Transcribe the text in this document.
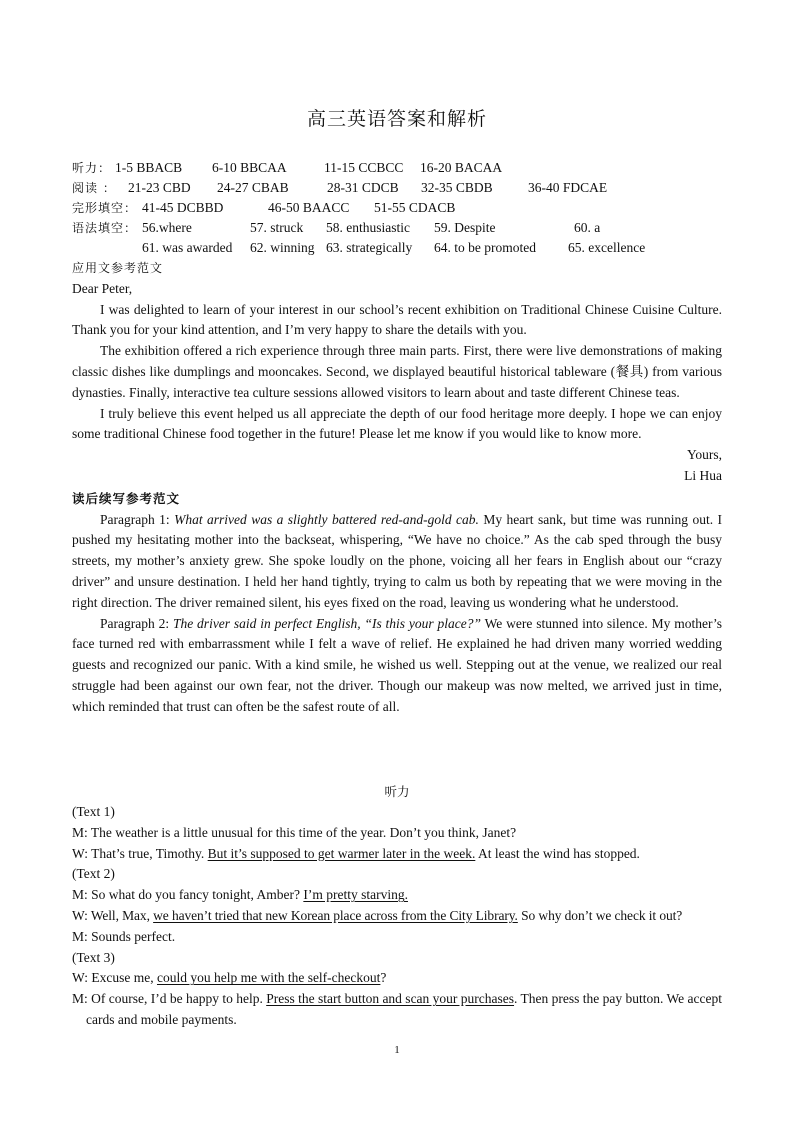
高三英语答案和解析
听力： 1-5 BBACB 6-10 BBCAA	11-15 CCBCC 16-20 BACAA
阅读 ： 21-23 CBD 24-27 CBAB	28-31 CDCB 32-35 CBDB	36-40 FDCAE
完形填空： 41-45 DCBBD	46-50 BAACC 51-55 CDACB
语法填空： 56.where	57. struck 58. enthusiastic 59. Despite	60. a
61. was awarded 62. winning 63. strategically 64. to be promoted 65. excellence

应用文参考范文

Dear Peter,

I was delighted to learn of your interest in our school’s recent exhibition on Traditional Chinese Cuisine Culture. Thank you for your kind attention, and I’m very happy to share the details with you.

The exhibition offered a rich experience through three main parts. First, there were live demonstrations of making classic dishes like dumplings and mooncakes. Second, we displayed beautiful historical tableware (餐具) from various dynasties. Finally, interactive tea culture sessions allowed visitors to learn about and taste different Chinese teas.

I truly believe this event helped us all appreciate the depth of our food heritage more deeply. I hope we can enjoy some traditional Chinese food together in the future! Please let me know if you would like to know more.

Yours,

Li Hua

读后续写参考范文

Paragraph 1: What arrived was a slightly battered red-and-gold cab. My heart sank, but time was running out. I pushed my hesitating mother into the backseat, whispering, “We have no choice.” As the cab sped through the busy streets, my mother’s anxiety grew. She spoke loudly on the phone, voicing all her fears in English about our “crazy driver” and unsure destination. I held her hand tightly, trying to calm us both by repeating that we were moving in the right direction. The driver remained silent, his eyes fixed on the road, leaving us wondering what he understood.

Paragraph 2: The driver said in perfect English, “Is this your place?” We were stunned into silence. My mother’s face turned red with embarrassment while I felt a wave of relief. He explained he had driven many worried wedding guests and recognized our panic. With a kind smile, he wished us well. Stepping out at the venue, we realized our real struggle had been against our own fear, not the driver. Though our makeup was now melted, we arrived just in time, which reminded that trust can often be the safest route of all.

听力

(Text 1)

M: The weather is a little unusual for this time of the year. Don’t you think, Janet?

W: That’s true, Timothy. But it’s supposed to get warmer later in the week. At least the wind has stopped.

(Text 2)

M: So what do you fancy tonight, Amber? I’m pretty starving.

W: Well, Max, we haven’t tried that new Korean place across from the City Library. So why don’t we check it out?

M: Sounds perfect.

(Text 3)

W: Excuse me, could you help me with the self-checkout?

M: Of course, I’d be happy to help. Press the start button and scan your purchases. Then press the pay button. We accept cards and mobile payments.

1
